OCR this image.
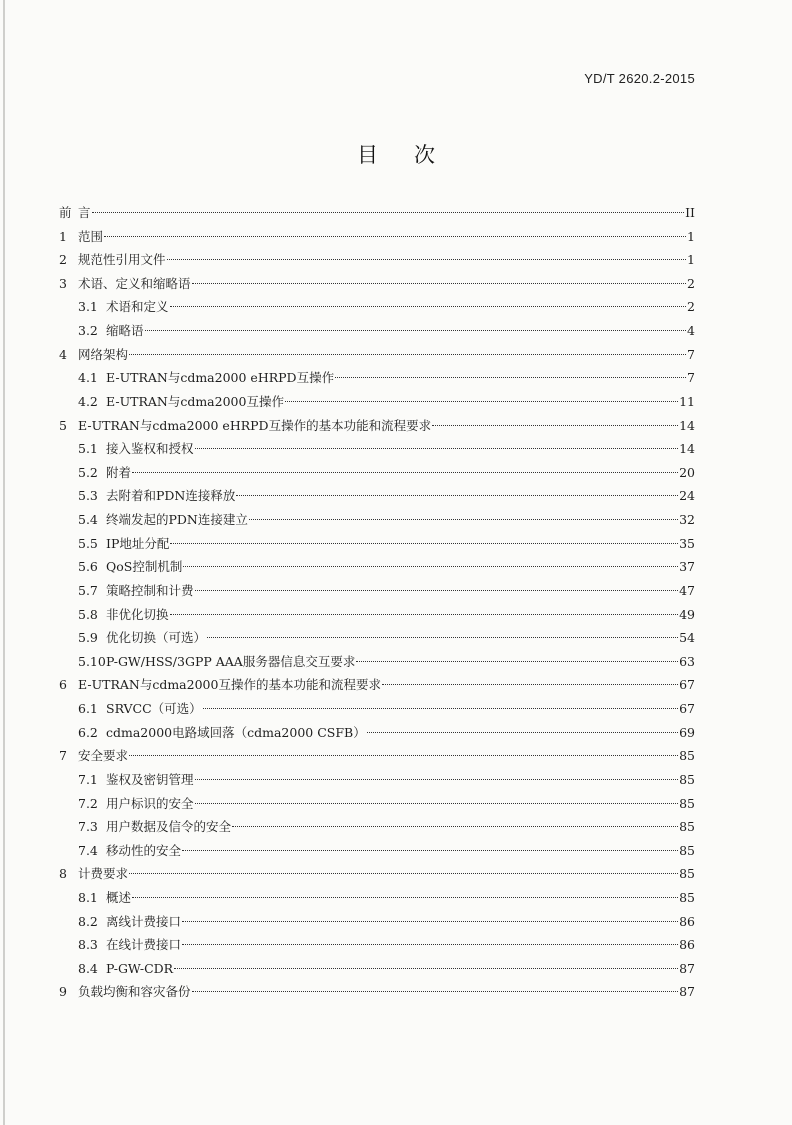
YD/T 2620.2-2015
目次
前 言	II
1 范围	1
2 规范性引用文件	1
3 术语、定义和缩略语	2
3.1 术语和定义	2
3.2 缩略语	4
4 网络架构	7
4.1 E-UTRAN与cdma2000 eHRPD互操作	7
4.2 E-UTRAN与cdma2000互操作	11
5 E-UTRAN与cdma2000 eHRPD互操作的基本功能和流程要求	14
5.1 接入鉴权和授权	14
5.2 附着	20
5.3 去附着和PDN连接释放	24
5.4 终端发起的PDN连接建立	32
5.5 IP地址分配	35
5.6 QoS控制机制	37
5.7 策略控制和计费	47
5.8 非优化切换	49
5.9 优化切换（可选）	54
5.10 P-GW/HSS/3GPP AAA服务器信息交互要求	63
6 E-UTRAN与cdma2000互操作的基本功能和流程要求	67
6.1 SRVCC（可选）	67
6.2 cdma2000电路域回落（cdma2000 CSFB）	69
7 安全要求	85
7.1 鉴权及密钥管理	85
7.2 用户标识的安全	85
7.3 用户数据及信令的安全	85
7.4 移动性的安全	85
8 计费要求	85
8.1 概述	85
8.2 离线计费接口	86
8.3 在线计费接口	86
8.4 P-GW-CDR	87
9 负载均衡和容灾备份	87
